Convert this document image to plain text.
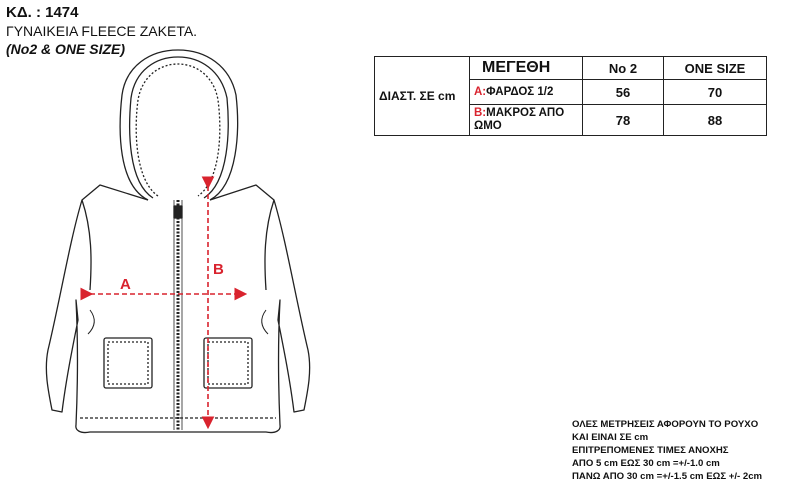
ΚΔ. : 1474
ΓΥΝΑΙΚΕΙΑ FLEECE ZAKETA.
(No2 & ONE SIZE)
A
B
ΔΙΑΣΤ. ΣΕ cm	ΜΕΓΕΘΗ	No 2	ONE SIZE
	A:ΦΑΡΔΟΣ 1/2	56	70
	B:ΜΑΚΡΟΣ ΑΠΟ ΩΜΟ	78	88
ΟΛΕΣ ΜΕΤΡΗΣΕΙΣ ΑΦΟΡΟΥΝ ΤΟ ΡΟΥΧΟ
ΚΑΙ ΕΙΝΑΙ ΣΕ cm
ΕΠΙΤΡΕΠΟΜΕΝΕΣ ΤΙΜΕΣ ΑΝΟΧΗΣ
ΑΠΟ 5 cm ΕΩΣ 30 cm =+/-1.0 cm
ΠΑΝΩ ΑΠΟ 30 cm =+/-1.5 cm ΕΩΣ +/- 2cm
